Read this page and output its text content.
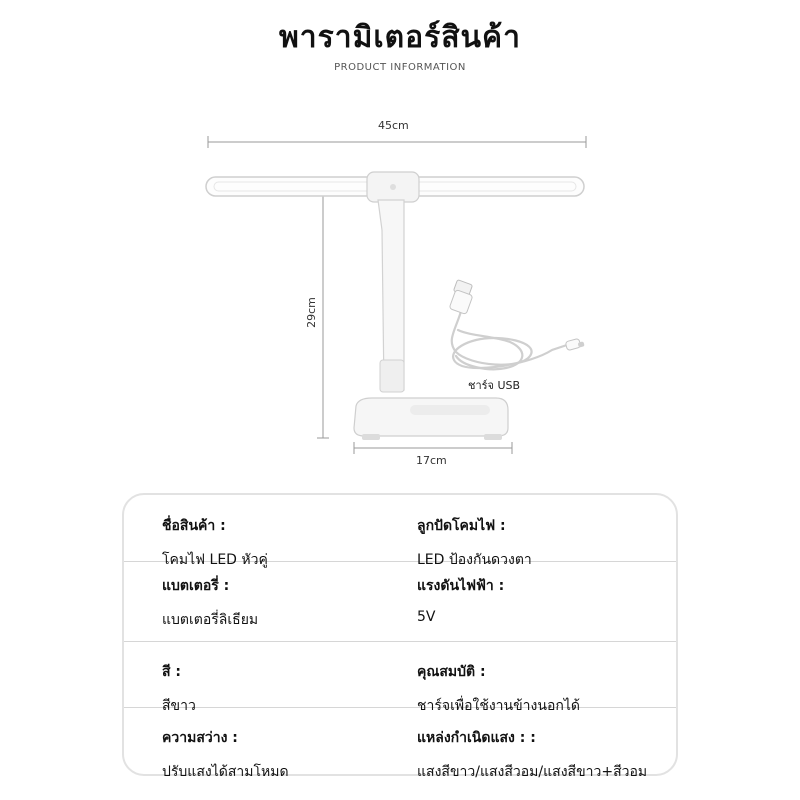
พารามิเตอร์สินค้า
PRODUCT INFORMATION
45cm
29cm
17cm
ชาร์จ USB
ชื่อสินค้า :
โคมไฟ LED หัวคู่
ลูกปัดโคมไฟ :
LED ป้องกันดวงตา
แบตเตอรี่ :
แบตเตอรี่ลิเธียม
แรงดันไฟฟ้า :
5V
สี :
สีขาว
คุณสมบัติ :
ชาร์จเพื่อใช้งานข้างนอกได้
ความสว่าง :
ปรับแสงได้สามโหมด
แหล่งกำเนิดแสง : :
แสงสีขาว/แสงสีวอม/แสงสีขาว+สีวอม
